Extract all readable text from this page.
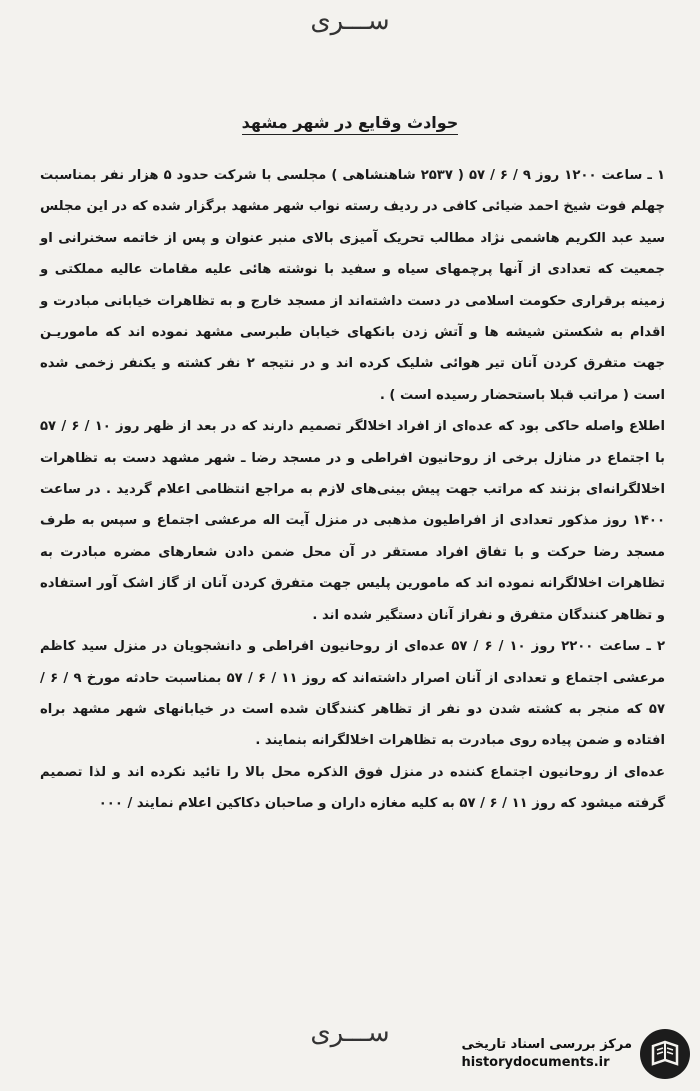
ســـری
حوادث وقایع در شهر مشهد

۱ ـ ساعت ۱۲۰۰ روز ۹ / ۶ / ۵۷ ( ۲۵۳۷ شاهنشاهی ) مجلسی با شرکت حدود ۵ هزار نفر بمناسبت چهلم فوت شیخ احمد ضیائی کافی در ردیف رسته نواب شهر مشهد برگزار شده که در این مجلس سید عبد الکریم هاشمی نژاد مطالب تحریک آمیزی بالای منبر عنوان و پس از خاتمه سخنرانی او جمعیت که تعدادی از آنها پرچمهای سیاه و سفید با نوشته هائی علیه مقامات عالیه مملکتی و زمینه برقراری حکومت اسلامی در دست داشته‌اند از مسجد خارج و به تظاهرات خیابانی مبادرت و اقدام به شکستن شیشه ها و آتش زدن بانکهای خیابان طبرسی مشهد نموده اند که ماموریـن جهت متفرق کردن آنان تیر هوائی شلیک کرده اند و در نتیجه ۲ نفر کشته و یکنفر زخمی شده است ( مراتب قبلا باستحضار رسیده است ) .

اطلاع واصله حاکی بود که عده‌ای از افراد اخلالگر تصمیم دارند که در بعد از ظهر روز ۱۰ / ۶ / ۵۷ با اجتماع در منازل برخی از روحانیون افراطی و در مسجد رضا ـ شهر مشهد دست به تظاهرات اخلالگرانه‌ای بزنند که مراتب جهت پیش بینی‌های لازم به مراجع انتظامی اعلام گردید . در ساعت ۱۴۰۰ روز مذکور تعدادی از افراطیون مذهبی در منزل آیت اله مرعشی اجتماع و سپس به طرف مسجد رضا حرکت و با تفاق افراد مستقر در آن محل ضمن دادن شعارهای مضره مبادرت به تظاهرات اخلالگرانه نموده اند که مامورین پلیس جهت متفرق کردن آنان از گاز اشک آور استفاده و تظاهر کنندگان متفرق و نفراز آنان دستگیر شده اند .

۲ ـ ساعت ۲۲۰۰ روز ۱۰ / ۶ / ۵۷ عده‌ای از روحانیون افراطی و دانشجویان در منزل سید کاظم مرعشی اجتماع و تعدادی از آنان اصرار داشته‌اند که روز ۱۱ / ۶ / ۵۷ بمناسبت حادثه مورخ ۹ / ۶ / ۵۷ که منجر به کشته شدن دو نفر از تظاهر کنندگان شده است در خیابانهای شهر مشهد براه افتاده و ضمن پیاده روی مبادرت به تظاهرات اخلالگرانه بنمایند .

عده‌ای از روحانیون اجتماع کننده در منزل فوق الذکره محل بالا را تائید نکرده اند و لذا تصمیم گرفته میشود که روز ۱۱ / ۶ / ۵۷ به کلیه مغازه داران و صاحبان دکاکین اعلام نمایند / ۰۰۰

ســـری	مرکز بررسی اسناد تاریخی
historydocuments.ir
